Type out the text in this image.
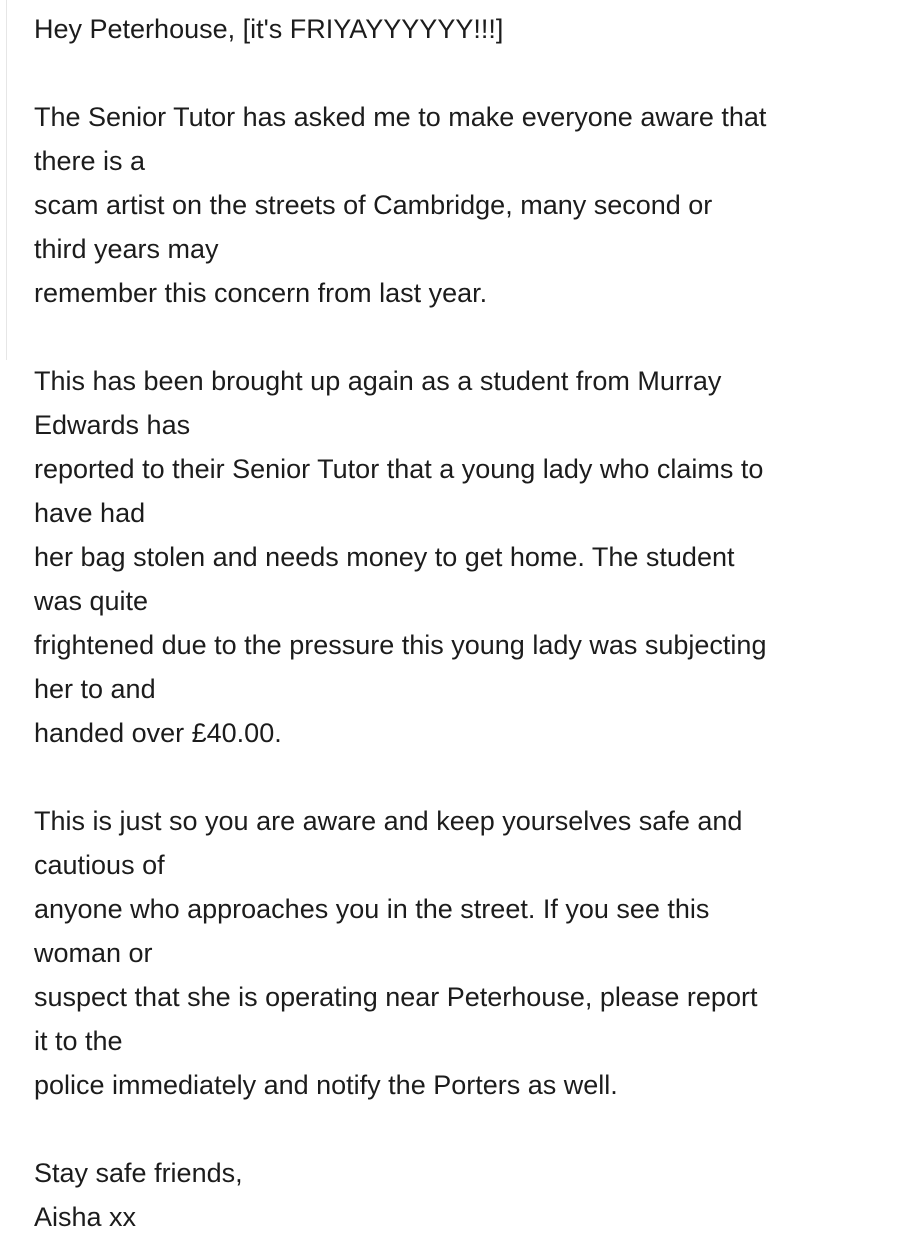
Hey Peterhouse, [it's FRIYAYYYYYY!!!]
The Senior Tutor has asked me to make everyone aware that
there is a
scam artist on the streets of Cambridge, many second or
third years may
remember this concern from last year.
This has been brought up again as a student from Murray
Edwards has
reported to their Senior Tutor that a young lady who claims to
have had
her bag stolen and needs money to get home. The student
was quite
frightened due to the pressure this young lady was subjecting
her to and
handed over £40.00.
This is just so you are aware and keep yourselves safe and
cautious of
anyone who approaches you in the street. If you see this
woman or
suspect that she is operating near Peterhouse, please report
it to the
police immediately and notify the Porters as well.
Stay safe friends,
Aisha xx
